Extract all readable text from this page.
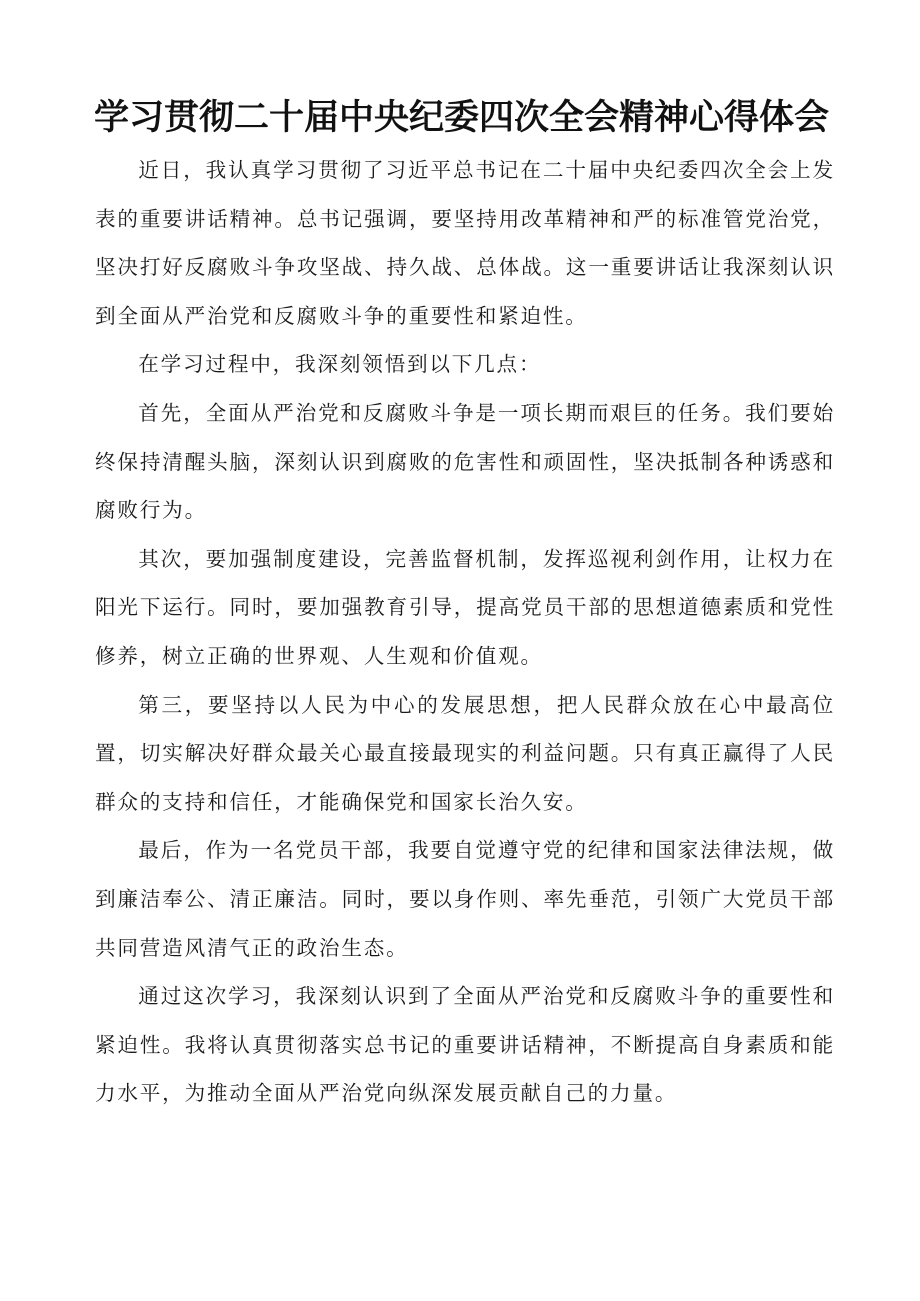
学习贯彻二十届中央纪委四次全会精神心得体会

近日，我认真学习贯彻了习近平总书记在二十届中央纪委四次全会上发表的重要讲话精神。总书记强调，要坚持用改革精神和严的标准管党治党，坚决打好反腐败斗争攻坚战、持久战、总体战。这一重要讲话让我深刻认识到全面从严治党和反腐败斗争的重要性和紧迫性。

在学习过程中，我深刻领悟到以下几点：

首先，全面从严治党和反腐败斗争是一项长期而艰巨的任务。我们要始终保持清醒头脑，深刻认识到腐败的危害性和顽固性，坚决抵制各种诱惑和腐败行为。

其次，要加强制度建设，完善监督机制，发挥巡视利剑作用，让权力在阳光下运行。同时，要加强教育引导，提高党员干部的思想道德素质和党性修养，树立正确的世界观、人生观和价值观。

第三，要坚持以人民为中心的发展思想，把人民群众放在心中最高位置，切实解决好群众最关心最直接最现实的利益问题。只有真正赢得了人民群众的支持和信任，才能确保党和国家长治久安。

最后，作为一名党员干部，我要自觉遵守党的纪律和国家法律法规，做到廉洁奉公、清正廉洁。同时，要以身作则、率先垂范，引领广大党员干部共同营造风清气正的政治生态。

通过这次学习，我深刻认识到了全面从严治党和反腐败斗争的重要性和紧迫性。我将认真贯彻落实总书记的重要讲话精神，不断提高自身素质和能力水平，为推动全面从严治党向纵深发展贡献自己的力量。
